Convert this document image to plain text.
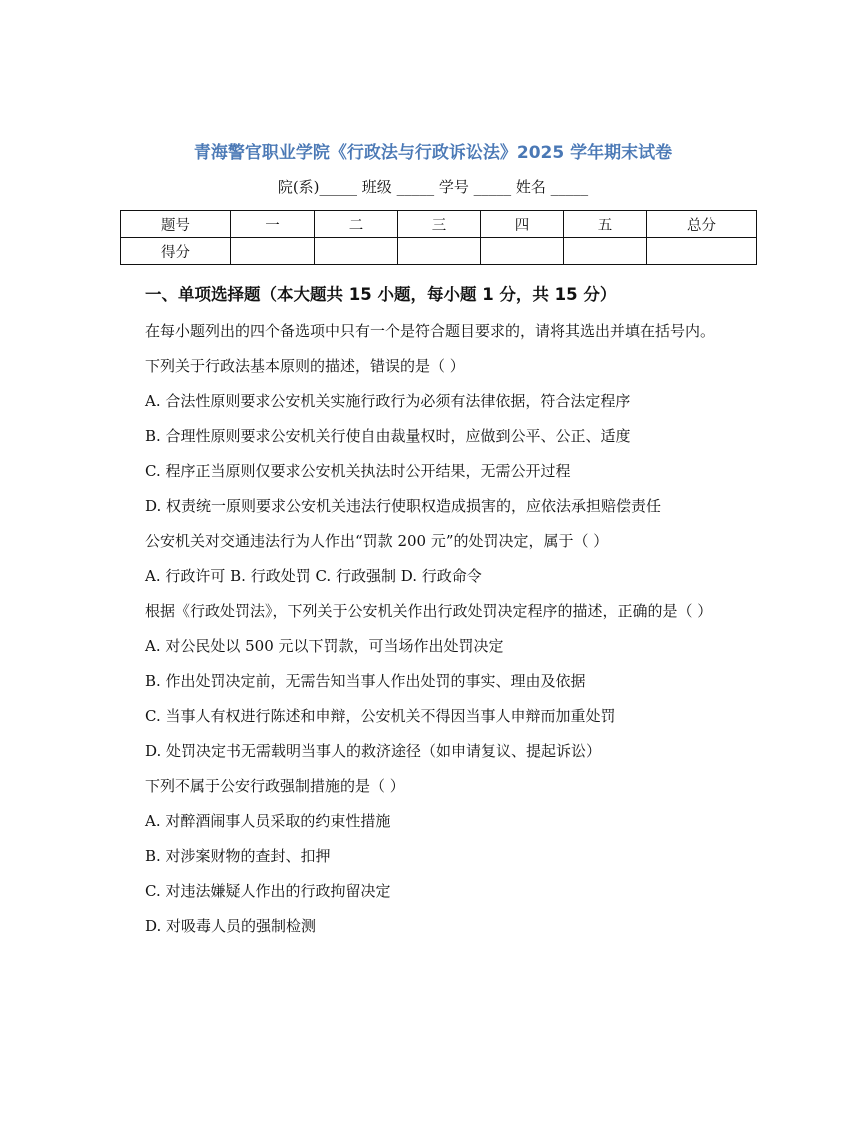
青海警官职业学院《行政法与行政诉讼法》2025 学年期末试卷
院(系)_____ 班级 _____ 学号 _____ 姓名 _____
题号	一	二	三	四	五	总分
得分						
一、单项选择题（本大题共 15 小题，每小题 1 分，共 15 分）
在每小题列出的四个备选项中只有一个是符合题目要求的，请将其选出并填在括号内。
下列关于行政法基本原则的描述，错误的是（ ）
A. 合法性原则要求公安机关实施行政行为必须有法律依据，符合法定程序
B. 合理性原则要求公安机关行使自由裁量权时，应做到公平、公正、适度
C. 程序正当原则仅要求公安机关执法时公开结果，无需公开过程
D. 权责统一原则要求公安机关违法行使职权造成损害的，应依法承担赔偿责任
公安机关对交通违法行为人作出“罚款 200 元”的处罚决定，属于（ ）
A. 行政许可 B. 行政处罚 C. 行政强制 D. 行政命令
根据《行政处罚法》，下列关于公安机关作出行政处罚决定程序的描述，正确的是（ ）
A. 对公民处以 500 元以下罚款，可当场作出处罚决定
B. 作出处罚决定前，无需告知当事人作出处罚的事实、理由及依据
C. 当事人有权进行陈述和申辩，公安机关不得因当事人申辩而加重处罚
D. 处罚决定书无需载明当事人的救济途径（如申请复议、提起诉讼）
下列不属于公安行政强制措施的是（ ）
A. 对醉酒闹事人员采取的约束性措施
B. 对涉案财物的查封、扣押
C. 对违法嫌疑人作出的行政拘留决定
D. 对吸毒人员的强制检测
